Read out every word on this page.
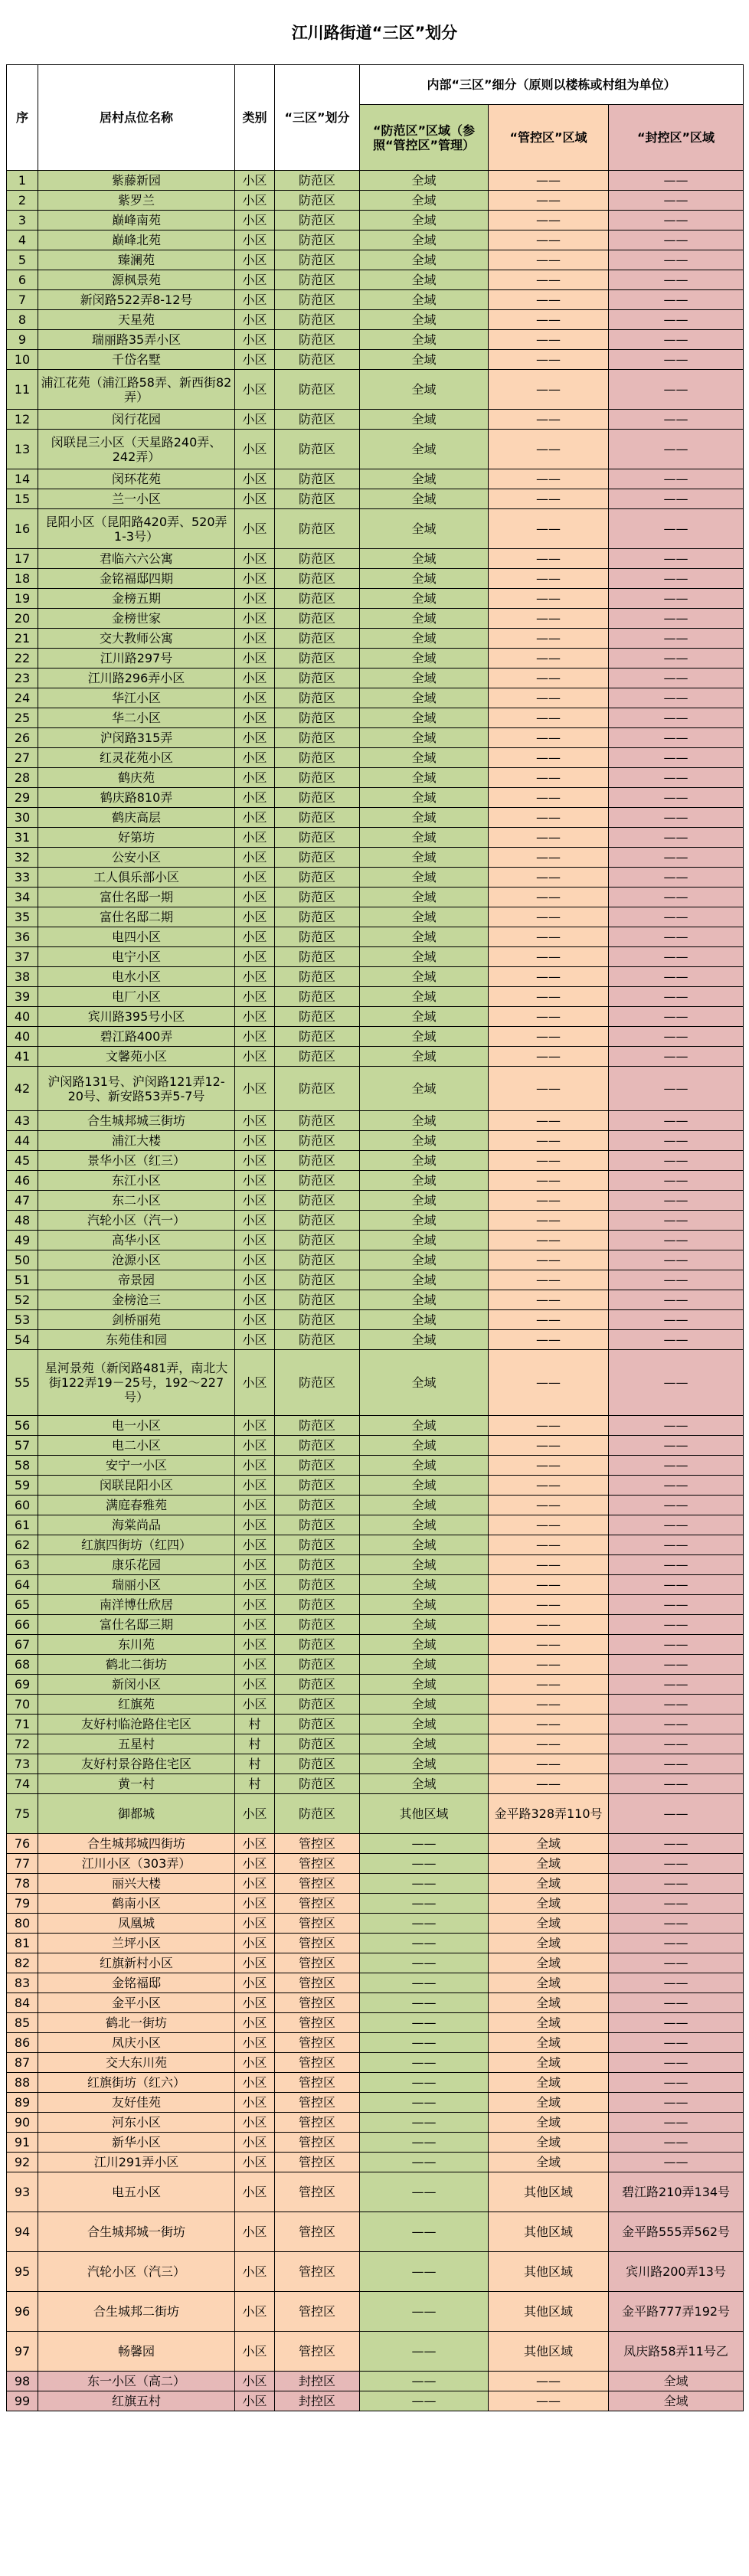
江川路街道“三区”划分
序	居村点位名称	类别	“三区”划分	内部“三区”细分（原则以楼栋或村组为单位）		
				“防范区”区域（参照“管控区”管理）	“管控区”区域	“封控区”区域
1	紫藤新园	小区	防范区	全域	——	——
2	紫罗兰	小区	防范区	全域	——	——
3	巅峰南苑	小区	防范区	全域	——	——
4	巅峰北苑	小区	防范区	全域	——	——
5	臻澜苑	小区	防范区	全域	——	——
6	源枫景苑	小区	防范区	全域	——	——
7	新闵路522弄8-12号	小区	防范区	全域	——	——
8	天星苑	小区	防范区	全域	——	——
9	瑞丽路35弄小区	小区	防范区	全域	——	——
10	千岱名墅	小区	防范区	全域	——	——
11	浦江花苑（浦江路58弄、新西街82弄）	小区	防范区	全域	——	——
12	闵行花园	小区	防范区	全域	——	——
13	闵联昆三小区（天星路240弄、242弄）	小区	防范区	全域	——	——
14	闵环花苑	小区	防范区	全域	——	——
15	兰一小区	小区	防范区	全域	——	——
16	昆阳小区（昆阳路420弄、520弄1-3号）	小区	防范区	全域	——	——
17	君临六六公寓	小区	防范区	全域	——	——
18	金铭福邸四期	小区	防范区	全域	——	——
19	金榜五期	小区	防范区	全域	——	——
20	金榜世家	小区	防范区	全域	——	——
21	交大教师公寓	小区	防范区	全域	——	——
22	江川路297号	小区	防范区	全域	——	——
23	江川路296弄小区	小区	防范区	全域	——	——
24	华江小区	小区	防范区	全域	——	——
25	华二小区	小区	防范区	全域	——	——
26	沪闵路315弄	小区	防范区	全域	——	——
27	红灵花苑小区	小区	防范区	全域	——	——
28	鹤庆苑	小区	防范区	全域	——	——
29	鹤庆路810弄	小区	防范区	全域	——	——
30	鹤庆高层	小区	防范区	全域	——	——
31	好第坊	小区	防范区	全域	——	——
32	公安小区	小区	防范区	全域	——	——
33	工人俱乐部小区	小区	防范区	全域	——	——
34	富仕名邸一期	小区	防范区	全域	——	——
35	富仕名邸二期	小区	防范区	全域	——	——
36	电四小区	小区	防范区	全域	——	——
37	电宁小区	小区	防范区	全域	——	——
38	电水小区	小区	防范区	全域	——	——
39	电厂小区	小区	防范区	全域	——	——
40	宾川路395号小区	小区	防范区	全域	——	——
40	碧江路400弄	小区	防范区	全域	——	——
41	文馨苑小区	小区	防范区	全域	——	——
42	沪闵路131号、沪闵路121弄12-20号、新安路53弄5-7号	小区	防范区	全域	——	——
43	合生城邦城三街坊	小区	防范区	全域	——	——
44	浦江大楼	小区	防范区	全域	——	——
45	景华小区（红三）	小区	防范区	全域	——	——
46	东江小区	小区	防范区	全域	——	——
47	东二小区	小区	防范区	全域	——	——
48	汽轮小区（汽一）	小区	防范区	全域	——	——
49	高华小区	小区	防范区	全域	——	——
50	沧源小区	小区	防范区	全域	——	——
51	帝景园	小区	防范区	全域	——	——
52	金榜沧三	小区	防范区	全域	——	——
53	剑桥丽苑	小区	防范区	全域	——	——
54	东苑佳和园	小区	防范区	全域	——	——
55	星河景苑（新闵路481弄，南北大街122弄19－25号，192～227号）	小区	防范区	全域	——	——
56	电一小区	小区	防范区	全域	——	——
57	电二小区	小区	防范区	全域	——	——
58	安宁一小区	小区	防范区	全域	——	——
59	闵联昆阳小区	小区	防范区	全域	——	——
60	满庭春雅苑	小区	防范区	全域	——	——
61	海棠尚品	小区	防范区	全域	——	——
62	红旗四街坊（红四）	小区	防范区	全域	——	——
63	康乐花园	小区	防范区	全域	——	——
64	瑞丽小区	小区	防范区	全域	——	——
65	南洋博仕欣居	小区	防范区	全域	——	——
66	富仕名邸三期	小区	防范区	全域	——	——
67	东川苑	小区	防范区	全域	——	——
68	鹤北二街坊	小区	防范区	全域	——	——
69	新闵小区	小区	防范区	全域	——	——
70	红旗苑	小区	防范区	全域	——	——
71	友好村临沧路住宅区	村	防范区	全域	——	——
72	五星村	村	防范区	全域	——	——
73	友好村景谷路住宅区	村	防范区	全域	——	——
74	黄一村	村	防范区	全域	——	——
75	御都城	小区	防范区	其他区域	金平路328弄110号	——
76	合生城邦城四街坊	小区	管控区	——	全域	——
77	江川小区（303弄）	小区	管控区	——	全域	——
78	丽兴大楼	小区	管控区	——	全域	——
79	鹤南小区	小区	管控区	——	全域	——
80	凤凰城	小区	管控区	——	全域	——
81	兰坪小区	小区	管控区	——	全域	——
82	红旗新村小区	小区	管控区	——	全域	——
83	金铭福邸	小区	管控区	——	全域	——
84	金平小区	小区	管控区	——	全域	——
85	鹤北一街坊	小区	管控区	——	全域	——
86	凤庆小区	小区	管控区	——	全域	——
87	交大东川苑	小区	管控区	——	全域	——
88	红旗街坊（红六）	小区	管控区	——	全域	——
89	友好佳苑	小区	管控区	——	全域	——
90	河东小区	小区	管控区	——	全域	——
91	新华小区	小区	管控区	——	全域	——
92	江川291弄小区	小区	管控区	——	全域	——
93	电五小区	小区	管控区	——	其他区域	碧江路210弄134号
94	合生城邦城一街坊	小区	管控区	——	其他区域	金平路555弄562号
95	汽轮小区（汽三）	小区	管控区	——	其他区域	宾川路200弄13号
96	合生城邦二街坊	小区	管控区	——	其他区域	金平路777弄192号
97	畅馨园	小区	管控区	——	其他区域	凤庆路58弄11号乙
98	东一小区（高二）	小区	封控区	——	——	全域
99	红旗五村	小区	封控区	——	——	全域
